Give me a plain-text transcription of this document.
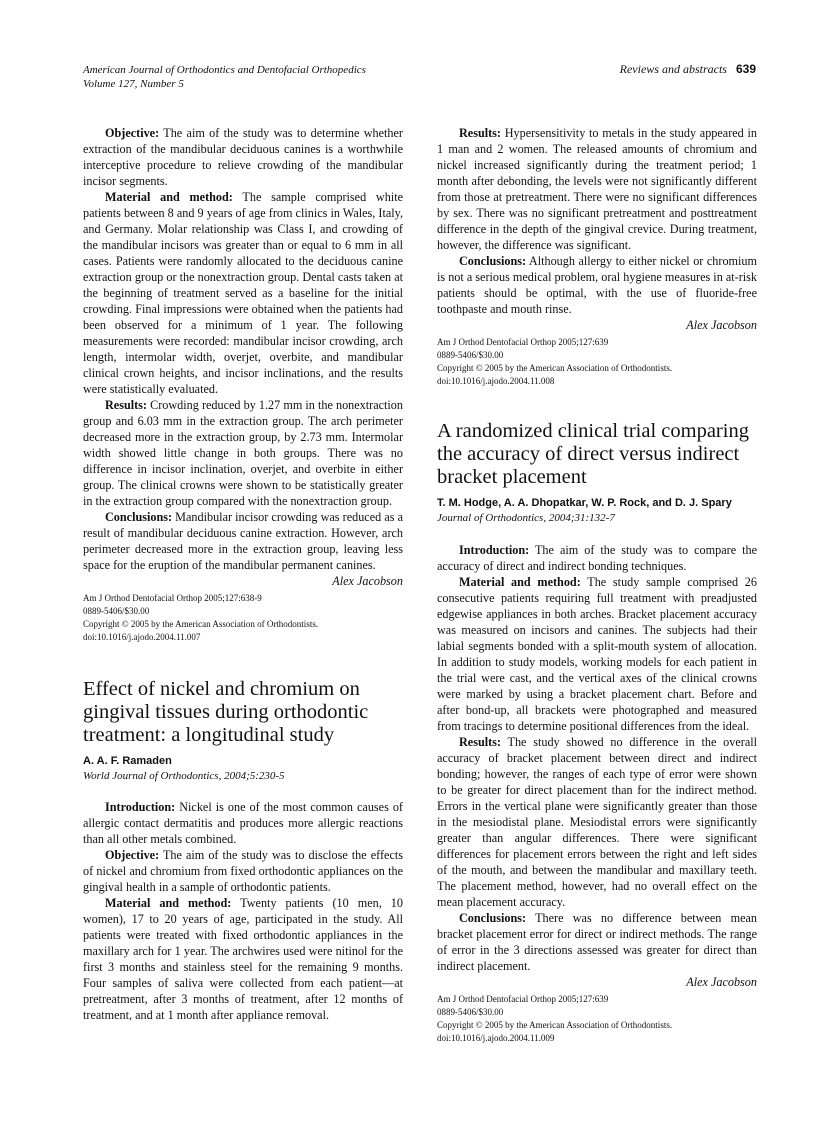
American Journal of Orthodontics and Dentofacial Orthopedics
Volume 127, Number 5
Reviews and abstracts 639

Objective: The aim of the study was to determine whether extraction of the mandibular deciduous canines is a worthwhile interceptive procedure to relieve crowding of the mandibular incisor segments.

Material and method: The sample comprised white patients between 8 and 9 years of age from clinics in Wales, Italy, and Germany. Molar relationship was Class I, and crowding of the mandibular incisors was greater than or equal to 6 mm in all cases. Patients were randomly allocated to the deciduous canine extraction group or the nonextraction group. Dental casts taken at the beginning of treatment served as a baseline for the initial crowding. Final impressions were obtained when the patients had been observed for a minimum of 1 year. The following measurements were recorded: mandibular incisor crowding, arch length, intermolar width, overjet, overbite, and mandibular clinical crown heights, and incisor inclinations, and the results were statistically evaluated.

Results: Crowding reduced by 1.27 mm in the nonextraction group and 6.03 mm in the extraction group. The arch perimeter decreased more in the extraction group, by 2.73 mm. Intermolar width showed little change in both groups. There was no difference in incisor inclination, overjet, and overbite in either group. The clinical crowns were shown to be statistically greater in the extraction group compared with the nonextraction group.

Conclusions: Mandibular incisor crowding was reduced as a result of mandibular deciduous canine extraction. However, arch perimeter decreased more in the extraction group, leaving less space for the eruption of the mandibular permanent canines.

Alex Jacobson
Am J Orthod Dentofacial Orthop 2005;127:638-9
0889-5406/$30.00
Copyright © 2005 by the American Association of Orthodontists.
doi:10.1016/j.ajodo.2004.11.007
Effect of nickel and chromium on gingival tissues during orthodontic treatment: a longitudinal study
A. A. F. Ramaden
World Journal of Orthodontics, 2004;5:230-5

Introduction: Nickel is one of the most common causes of allergic contact dermatitis and produces more allergic reactions than all other metals combined.

Objective: The aim of the study was to disclose the effects of nickel and chromium from fixed orthodontic appliances on the gingival health in a sample of orthodontic patients.

Material and method: Twenty patients (10 men, 10 women), 17 to 20 years of age, participated in the study. All patients were treated with fixed orthodontic appliances in the maxillary arch for 1 year. The archwires used were nitinol for the first 3 months and stainless steel for the remaining 9 months. Four samples of saliva were collected from each patient—at pretreatment, after 3 months of treatment, after 12 months of treatment, and at 1 month after appliance removal.

Results: Hypersensitivity to metals in the study appeared in 1 man and 2 women. The released amounts of chromium and nickel increased significantly during the treatment period; 1 month after debonding, the levels were not significantly different from those at pretreatment. There were no significant differences by sex. There was no significant pretreatment and posttreatment difference in the depth of the gingival crevice. During treatment, however, the difference was significant.

Conclusions: Although allergy to either nickel or chromium is not a serious medical problem, oral hygiene measures in at-risk patients should be optimal, with the use of fluoride-free toothpaste and mouth rinse.

Alex Jacobson
Am J Orthod Dentofacial Orthop 2005;127:639
0889-5406/$30.00
Copyright © 2005 by the American Association of Orthodontists.
doi:10.1016/j.ajodo.2004.11.008
A randomized clinical trial comparing the accuracy of direct versus indirect bracket placement
T. M. Hodge, A. A. Dhopatkar, W. P. Rock, and D. J. Spary
Journal of Orthodontics, 2004;31:132-7

Introduction: The aim of the study was to compare the accuracy of direct and indirect bonding techniques.

Material and method: The study sample comprised 26 consecutive patients requiring full treatment with preadjusted edgewise appliances in both arches. Bracket placement accuracy was measured on incisors and canines. The subjects had their labial segments bonded with a split-mouth system of allocation. In addition to study models, working models for each patient in the trial were cast, and the vertical axes of the clinical crowns were marked by using a bracket placement chart. Before and after bond-up, all brackets were photographed and measured from tracings to determine positional differences from the ideal.

Results: The study showed no difference in the overall accuracy of bracket placement between direct and indirect bonding; however, the ranges of each type of error were shown to be greater for direct placement than for the indirect method. Errors in the vertical plane were significantly greater than those in the mesiodistal plane. Mesiodistal errors were significantly greater than angular differences. There were significant differences for placement errors between the right and left sides of the mouth, and between the mandibular and maxillary teeth. The placement method, however, had no overall effect on the mean placement accuracy.

Conclusions: There was no difference between mean bracket placement error for direct or indirect methods. The range of error in the 3 directions assessed was greater for direct than indirect placement.

Alex Jacobson
Am J Orthod Dentofacial Orthop 2005;127:639
0889-5406/$30.00
Copyright © 2005 by the American Association of Orthodontists.
doi:10.1016/j.ajodo.2004.11.009
